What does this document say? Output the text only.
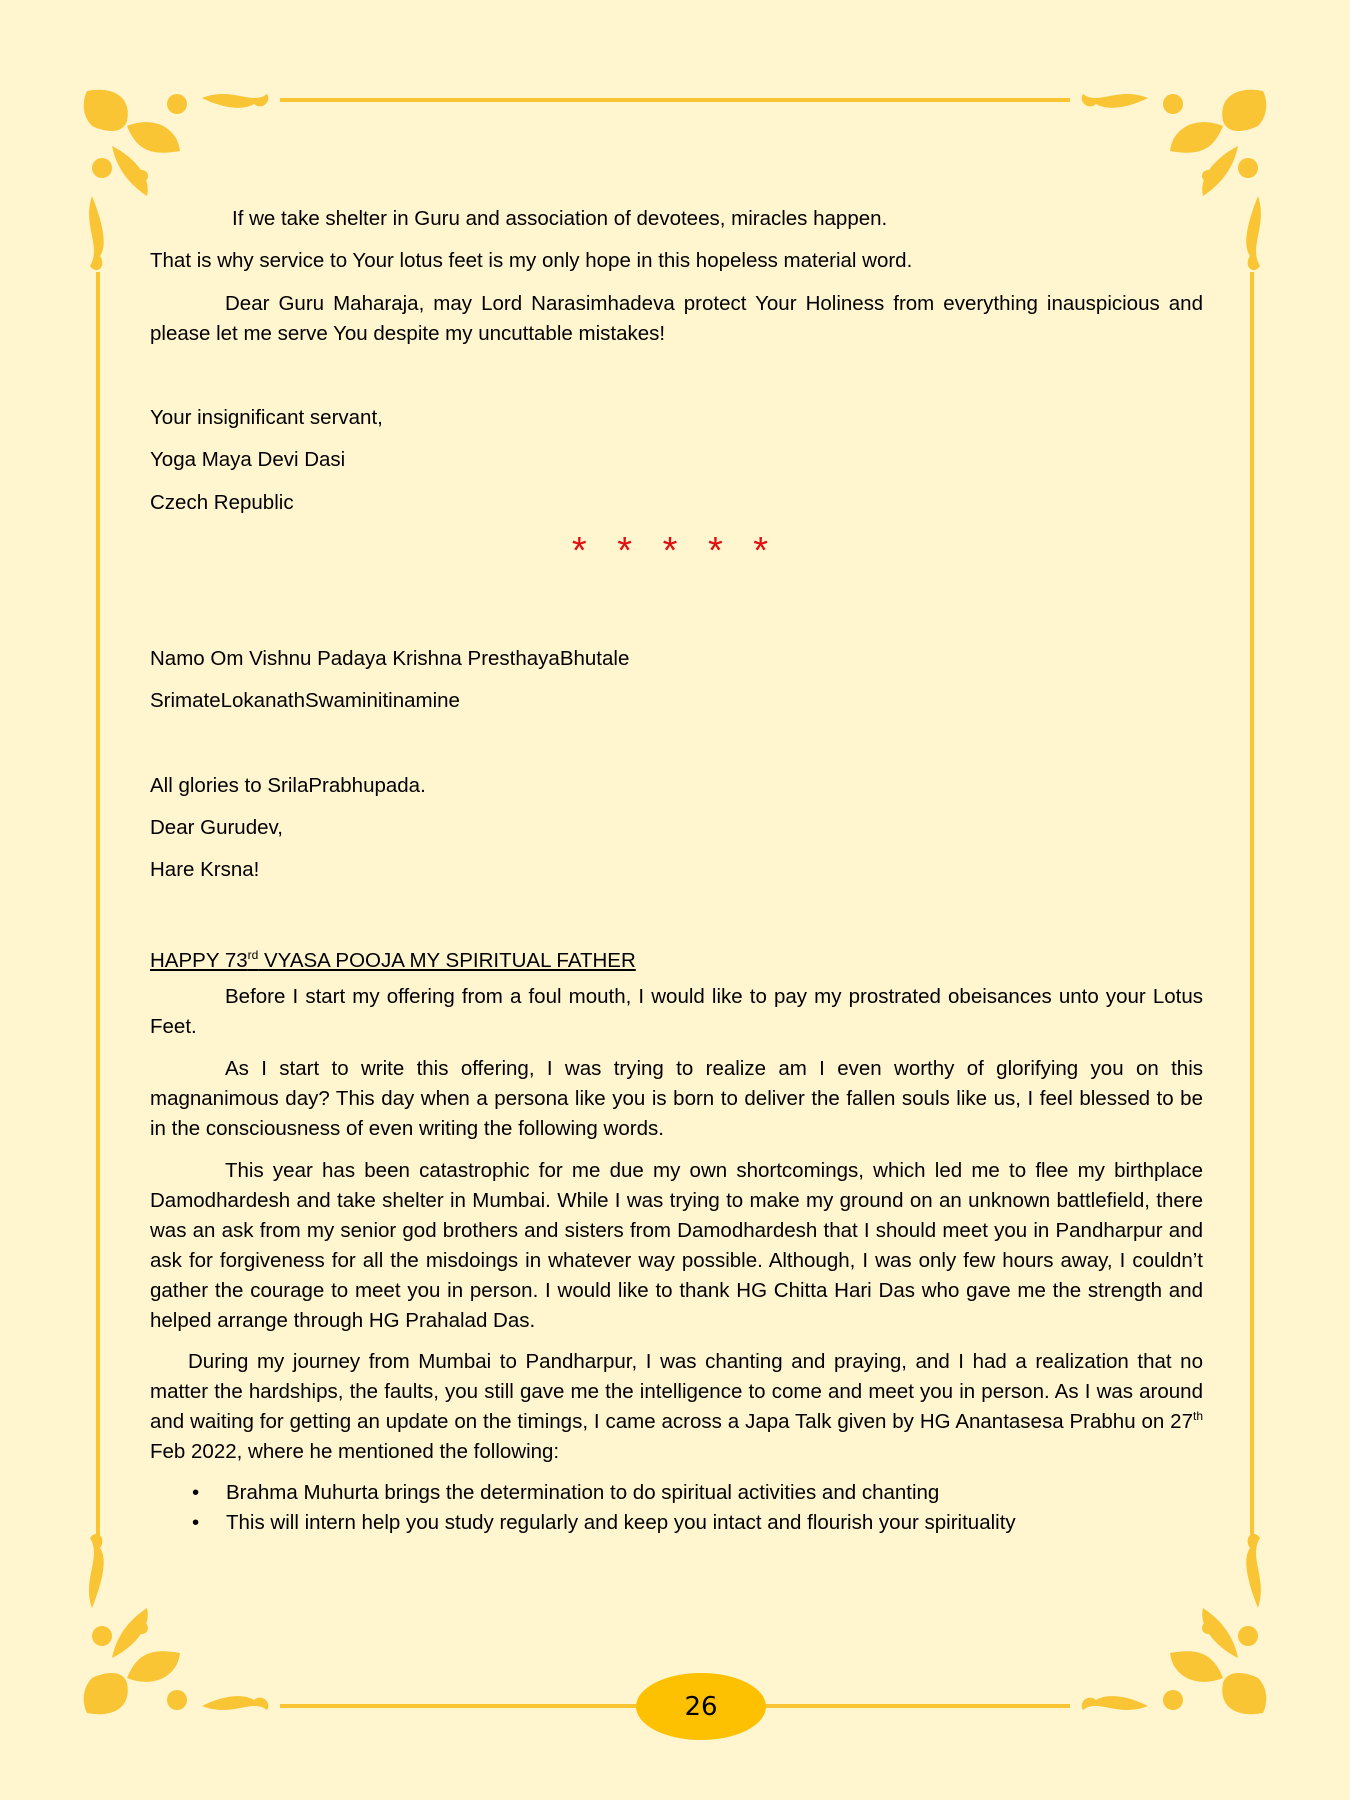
If we take shelter in Guru and association of devotees, miracles happen.
That is why service to Your lotus feet is my only hope in this hopeless material word.
Dear Guru Maharaja, may Lord Narasimhadeva protect Your Holiness from everything inauspicious and please let me serve You despite my uncuttable mistakes!
Your insignificant servant,
Yoga Maya Devi Dasi
Czech Republic
* * * * *
Namo Om Vishnu Padaya Krishna PresthayaBhutale
SrimateLokanathSwaminitinamine
All glories to SrilaPrabhupada.
Dear Gurudev,
Hare Krsna!
HAPPY 73rd VYASA POOJA MY SPIRITUAL FATHER
Before I start my offering from a foul mouth, I would like to pay my prostrated obeisances unto your Lotus Feet.
As I start to write this offering, I was trying to realize am I even worthy of glorifying you on this magnanimous day? This day when a persona like you is born to deliver the fallen souls like us, I feel blessed to be in the consciousness of even writing the following words.
This year has been catastrophic for me due my own shortcomings, which led me to flee my birthplace Damodhardesh and take shelter in Mumbai. While I was trying to make my ground on an unknown battlefield, there was an ask from my senior god brothers and sisters from Damodhardesh that I should meet you in Pandharpur and ask for forgiveness for all the misdoings in whatever way possible. Although, I was only few hours away, I couldn’t gather the courage to meet you in person. I would like to thank HG Chitta Hari Das who gave me the strength and helped arrange through HG Prahalad Das.
During my journey from Mumbai to Pandharpur, I was chanting and praying, and I had a realization that no matter the hardships, the faults, you still gave me the intelligence to come and meet you in person. As I was around and waiting for getting an update on the timings, I came across a Japa Talk given by HG Anantasesa Prabhu on 27th Feb 2022, where he mentioned the following:
• Brahma Muhurta brings the determination to do spiritual activities and chanting
• This will intern help you study regularly and keep you intact and flourish your spirituality
26
